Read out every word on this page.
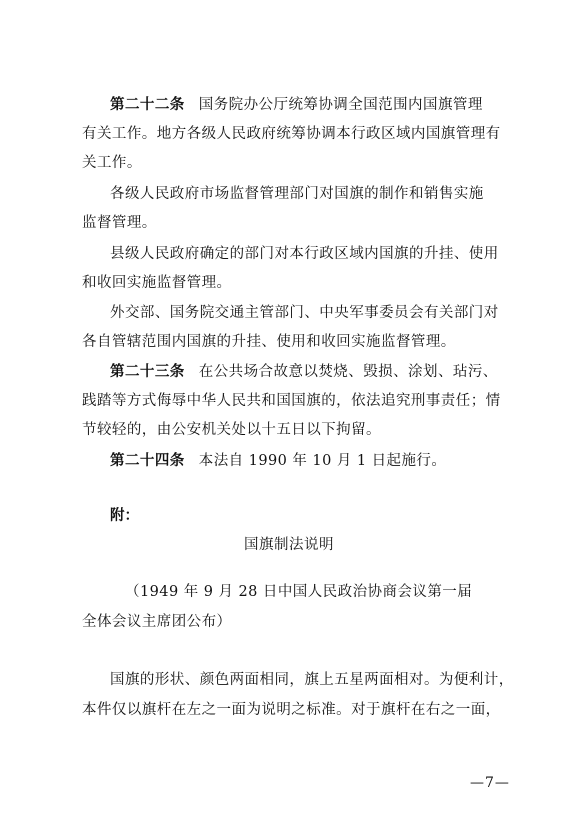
第二十二条 国务院办公厅统筹协调全国范围内国旗管理
有关工作。地方各级人民政府统筹协调本行政区域内国旗管理有
关工作。
各级人民政府市场监督管理部门对国旗的制作和销售实施
监督管理。
县级人民政府确定的部门对本行政区域内国旗的升挂、使用
和收回实施监督管理。
外交部、国务院交通主管部门、中央军事委员会有关部门对
各自管辖范围内国旗的升挂、使用和收回实施监督管理。
第二十三条 在公共场合故意以焚烧、毁损、涂划、玷污、
践踏等方式侮辱中华人民共和国国旗的，依法追究刑事责任；情
节较轻的，由公安机关处以十五日以下拘留。
第二十四条 本法自 1990 年 10 月 1 日起施行。
附：
国旗制法说明
（1949 年 9 月 28 日中国人民政治协商会议第一届
全体会议主席团公布）
国旗的形状、颜色两面相同，旗上五星两面相对。为便利计，
本件仅以旗杆在左之一面为说明之标准。对于旗杆在右之一面，
—7—
